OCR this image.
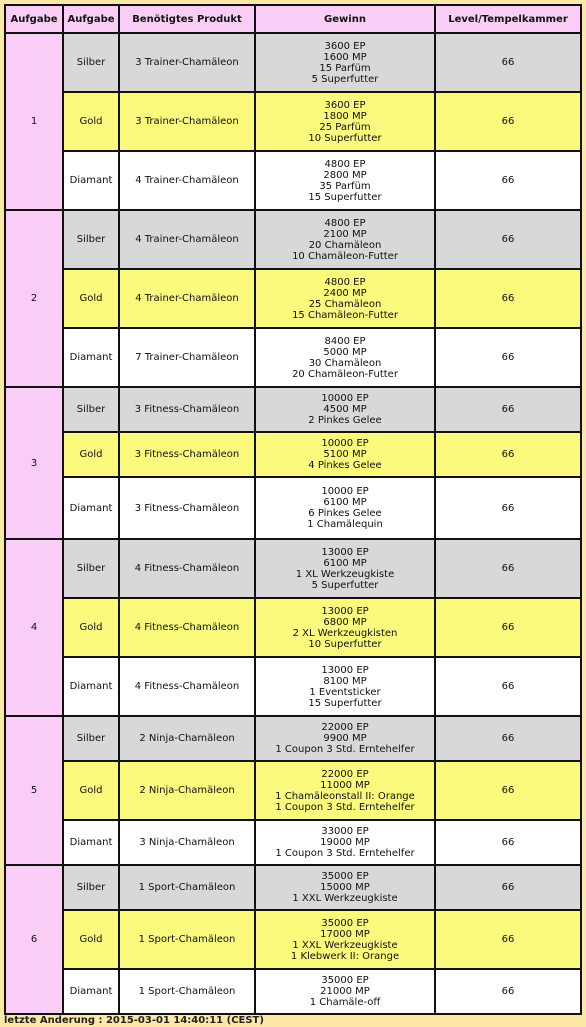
Aufgabe	Aufgabe	Benötigtes Produkt	Gewinn	Level/Tempelkammer
1	Silber	3 Trainer-Chamäleon	3600 EP
1600 MP
15 Parfüm
5 Superfutter	66
	Gold	3 Trainer-Chamäleon	3600 EP
1800 MP
25 Parfüm
10 Superfutter	66
	Diamant	4 Trainer-Chamäleon	4800 EP
2800 MP
35 Parfüm
15 Superfutter	66
2	Silber	4 Trainer-Chamäleon	4800 EP
2100 MP
20 Chamäleon
10 Chamäleon-Futter	66
	Gold	4 Trainer-Chamäleon	4800 EP
2400 MP
25 Chamäleon
15 Chamäleon-Futter	66
	Diamant	7 Trainer-Chamäleon	8400 EP
5000 MP
30 Chamäleon
20 Chamäleon-Futter	66
3	Silber	3 Fitness-Chamäleon	10000 EP
4500 MP
2 Pinkes Gelee	66
	Gold	3 Fitness-Chamäleon	10000 EP
5100 MP
4 Pinkes Gelee	66
	Diamant	3 Fitness-Chamäleon	10000 EP
6100 MP
6 Pinkes Gelee
1 Chamälequin	66
4	Silber	4 Fitness-Chamäleon	13000 EP
6100 MP
1 XL Werkzeugkiste
5 Superfutter	66
	Gold	4 Fitness-Chamäleon	13000 EP
6800 MP
2 XL Werkzeugkisten
10 Superfutter	66
	Diamant	4 Fitness-Chamäleon	13000 EP
8100 MP
1 Eventsticker
15 Superfutter	66
5	Silber	2 Ninja-Chamäleon	22000 EP
9900 MP
1 Coupon 3 Std. Erntehelfer	66
	Gold	2 Ninja-Chamäleon	22000 EP
11000 MP
1 Chamäleonstall II: Orange
1 Coupon 3 Std. Erntehelfer	66
	Diamant	3 Ninja-Chamäleon	33000 EP
19000 MP
1 Coupon 3 Std. Erntehelfer	66
6	Silber	1 Sport-Chamäleon	35000 EP
15000 MP
1 XXL Werkzeugkiste	66
	Gold	1 Sport-Chamäleon	35000 EP
17000 MP
1 XXL Werkzeugkiste
1 Klebwerk II: Orange	66
	Diamant	1 Sport-Chamäleon	35000 EP
21000 MP
1 Chamäle-off	66
letzte Änderung : 2015-03-01 14:40:11 (CEST)
